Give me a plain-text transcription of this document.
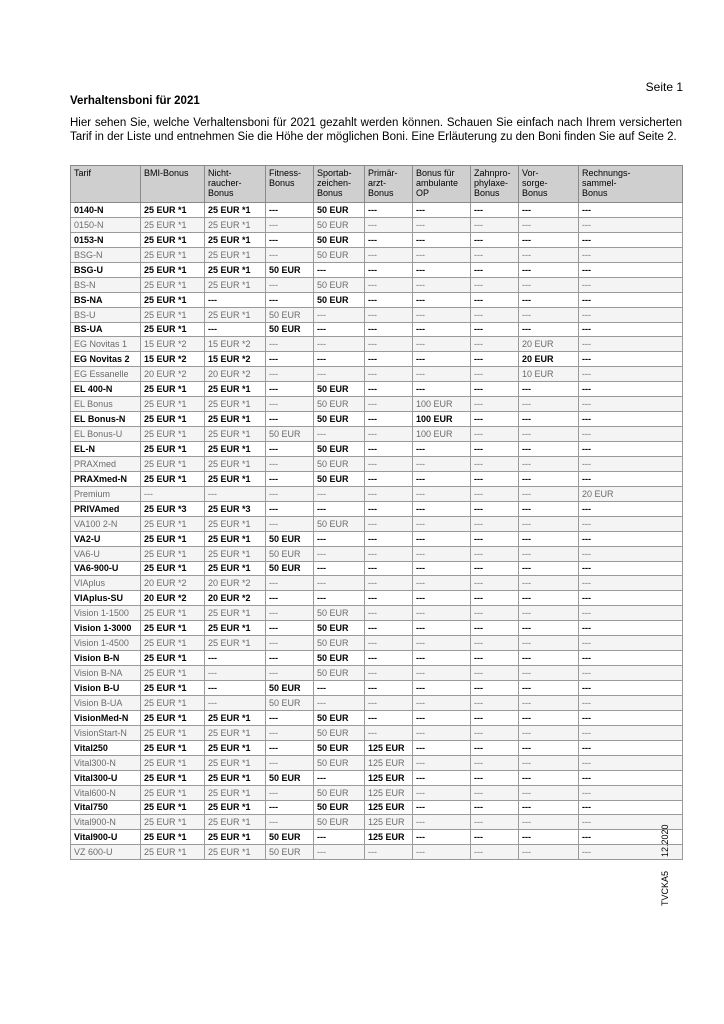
Seite 1
Verhaltensboni für 2021
Hier sehen Sie, welche Verhaltensboni für 2021 gezahlt werden können. Schauen Sie einfach nach Ihrem versicherten Tarif in der Liste und entnehmen Sie die Höhe der möglichen Boni. Eine Erläuterung zu den Boni finden Sie auf Seite 2.
Tarif	BMI-Bonus	Nicht-
raucher-
Bonus	Fitness-
Bonus	Sportab-
zeichen-
Bonus	Primär-
arzt-
Bonus	Bonus für
ambulante
OP	Zahnpro-
phylaxe-
Bonus	Vor-
sorge-
Bonus	Rechnungs-
sammel-
Bonus
0140-N	25 EUR *1	25 EUR *1	---	50 EUR	---	---	---	---	---
0150-N	25 EUR *1	25 EUR *1	---	50 EUR	---	---	---	---	---
0153-N	25 EUR *1	25 EUR *1	---	50 EUR	---	---	---	---	---
BSG-N	25 EUR *1	25 EUR *1	---	50 EUR	---	---	---	---	---
BSG-U	25 EUR *1	25 EUR *1	50 EUR	---	---	---	---	---	---
BS-N	25 EUR *1	25 EUR *1	---	50 EUR	---	---	---	---	---
BS-NA	25 EUR *1	---	---	50 EUR	---	---	---	---	---
BS-U	25 EUR *1	25 EUR *1	50 EUR	---	---	---	---	---	---
BS-UA	25 EUR *1	---	50 EUR	---	---	---	---	---	---
EG Novitas 1	15 EUR *2	15 EUR *2	---	---	---	---	---	20 EUR	---
EG Novitas 2	15 EUR *2	15 EUR *2	---	---	---	---	---	20 EUR	---
EG Essanelle	20 EUR *2	20 EUR *2	---	---	---	---	---	10 EUR	---
EL 400-N	25 EUR *1	25 EUR *1	---	50 EUR	---	---	---	---	---
EL Bonus	25 EUR *1	25 EUR *1	---	50 EUR	---	100 EUR	---	---	---
EL Bonus-N	25 EUR *1	25 EUR *1	---	50 EUR	---	100 EUR	---	---	---
EL Bonus-U	25 EUR *1	25 EUR *1	50 EUR	---	---	100 EUR	---	---	---
EL-N	25 EUR *1	25 EUR *1	---	50 EUR	---	---	---	---	---
PRAXmed	25 EUR *1	25 EUR *1	---	50 EUR	---	---	---	---	---
PRAXmed-N	25 EUR *1	25 EUR *1	---	50 EUR	---	---	---	---	---
Premium	---	---	---	---	---	---	---	---	20 EUR
PRIVAmed	25 EUR *3	25 EUR *3	---	---	---	---	---	---	---
VA100 2-N	25 EUR *1	25 EUR *1	---	50 EUR	---	---	---	---	---
VA2-U	25 EUR *1	25 EUR *1	50 EUR	---	---	---	---	---	---
VA6-U	25 EUR *1	25 EUR *1	50 EUR	---	---	---	---	---	---
VA6-900-U	25 EUR *1	25 EUR *1	50 EUR	---	---	---	---	---	---
VIAplus	20 EUR *2	20 EUR *2	---	---	---	---	---	---	---
VIAplus-SU	20 EUR *2	20 EUR *2	---	---	---	---	---	---	---
Vision 1-1500	25 EUR *1	25 EUR *1	---	50 EUR	---	---	---	---	---
Vision 1-3000	25 EUR *1	25 EUR *1	---	50 EUR	---	---	---	---	---
Vision 1-4500	25 EUR *1	25 EUR *1	---	50 EUR	---	---	---	---	---
Vision B-N	25 EUR *1	---	---	50 EUR	---	---	---	---	---
Vision B-NA	25 EUR *1	---	---	50 EUR	---	---	---	---	---
Vision B-U	25 EUR *1	---	50 EUR	---	---	---	---	---	---
Vision B-UA	25 EUR *1	---	50 EUR	---	---	---	---	---	---
VisionMed-N	25 EUR *1	25 EUR *1	---	50 EUR	---	---	---	---	---
VisionStart-N	25 EUR *1	25 EUR *1	---	50 EUR	---	---	---	---	---
Vital250	25 EUR *1	25 EUR *1	---	50 EUR	125 EUR	---	---	---	---
Vital300-N	25 EUR *1	25 EUR *1	---	50 EUR	125 EUR	---	---	---	---
Vital300-U	25 EUR *1	25 EUR *1	50 EUR	---	125 EUR	---	---	---	---
Vital600-N	25 EUR *1	25 EUR *1	---	50 EUR	125 EUR	---	---	---	---
Vital750	25 EUR *1	25 EUR *1	---	50 EUR	125 EUR	---	---	---	---
Vital900-N	25 EUR *1	25 EUR *1	---	50 EUR	125 EUR	---	---	---	---
Vital900-U	25 EUR *1	25 EUR *1	50 EUR	---	125 EUR	---	---	---	---
VZ 600-U	25 EUR *1	25 EUR *1	50 EUR	---	---	---	---	---	---
TVCKA512.2020
